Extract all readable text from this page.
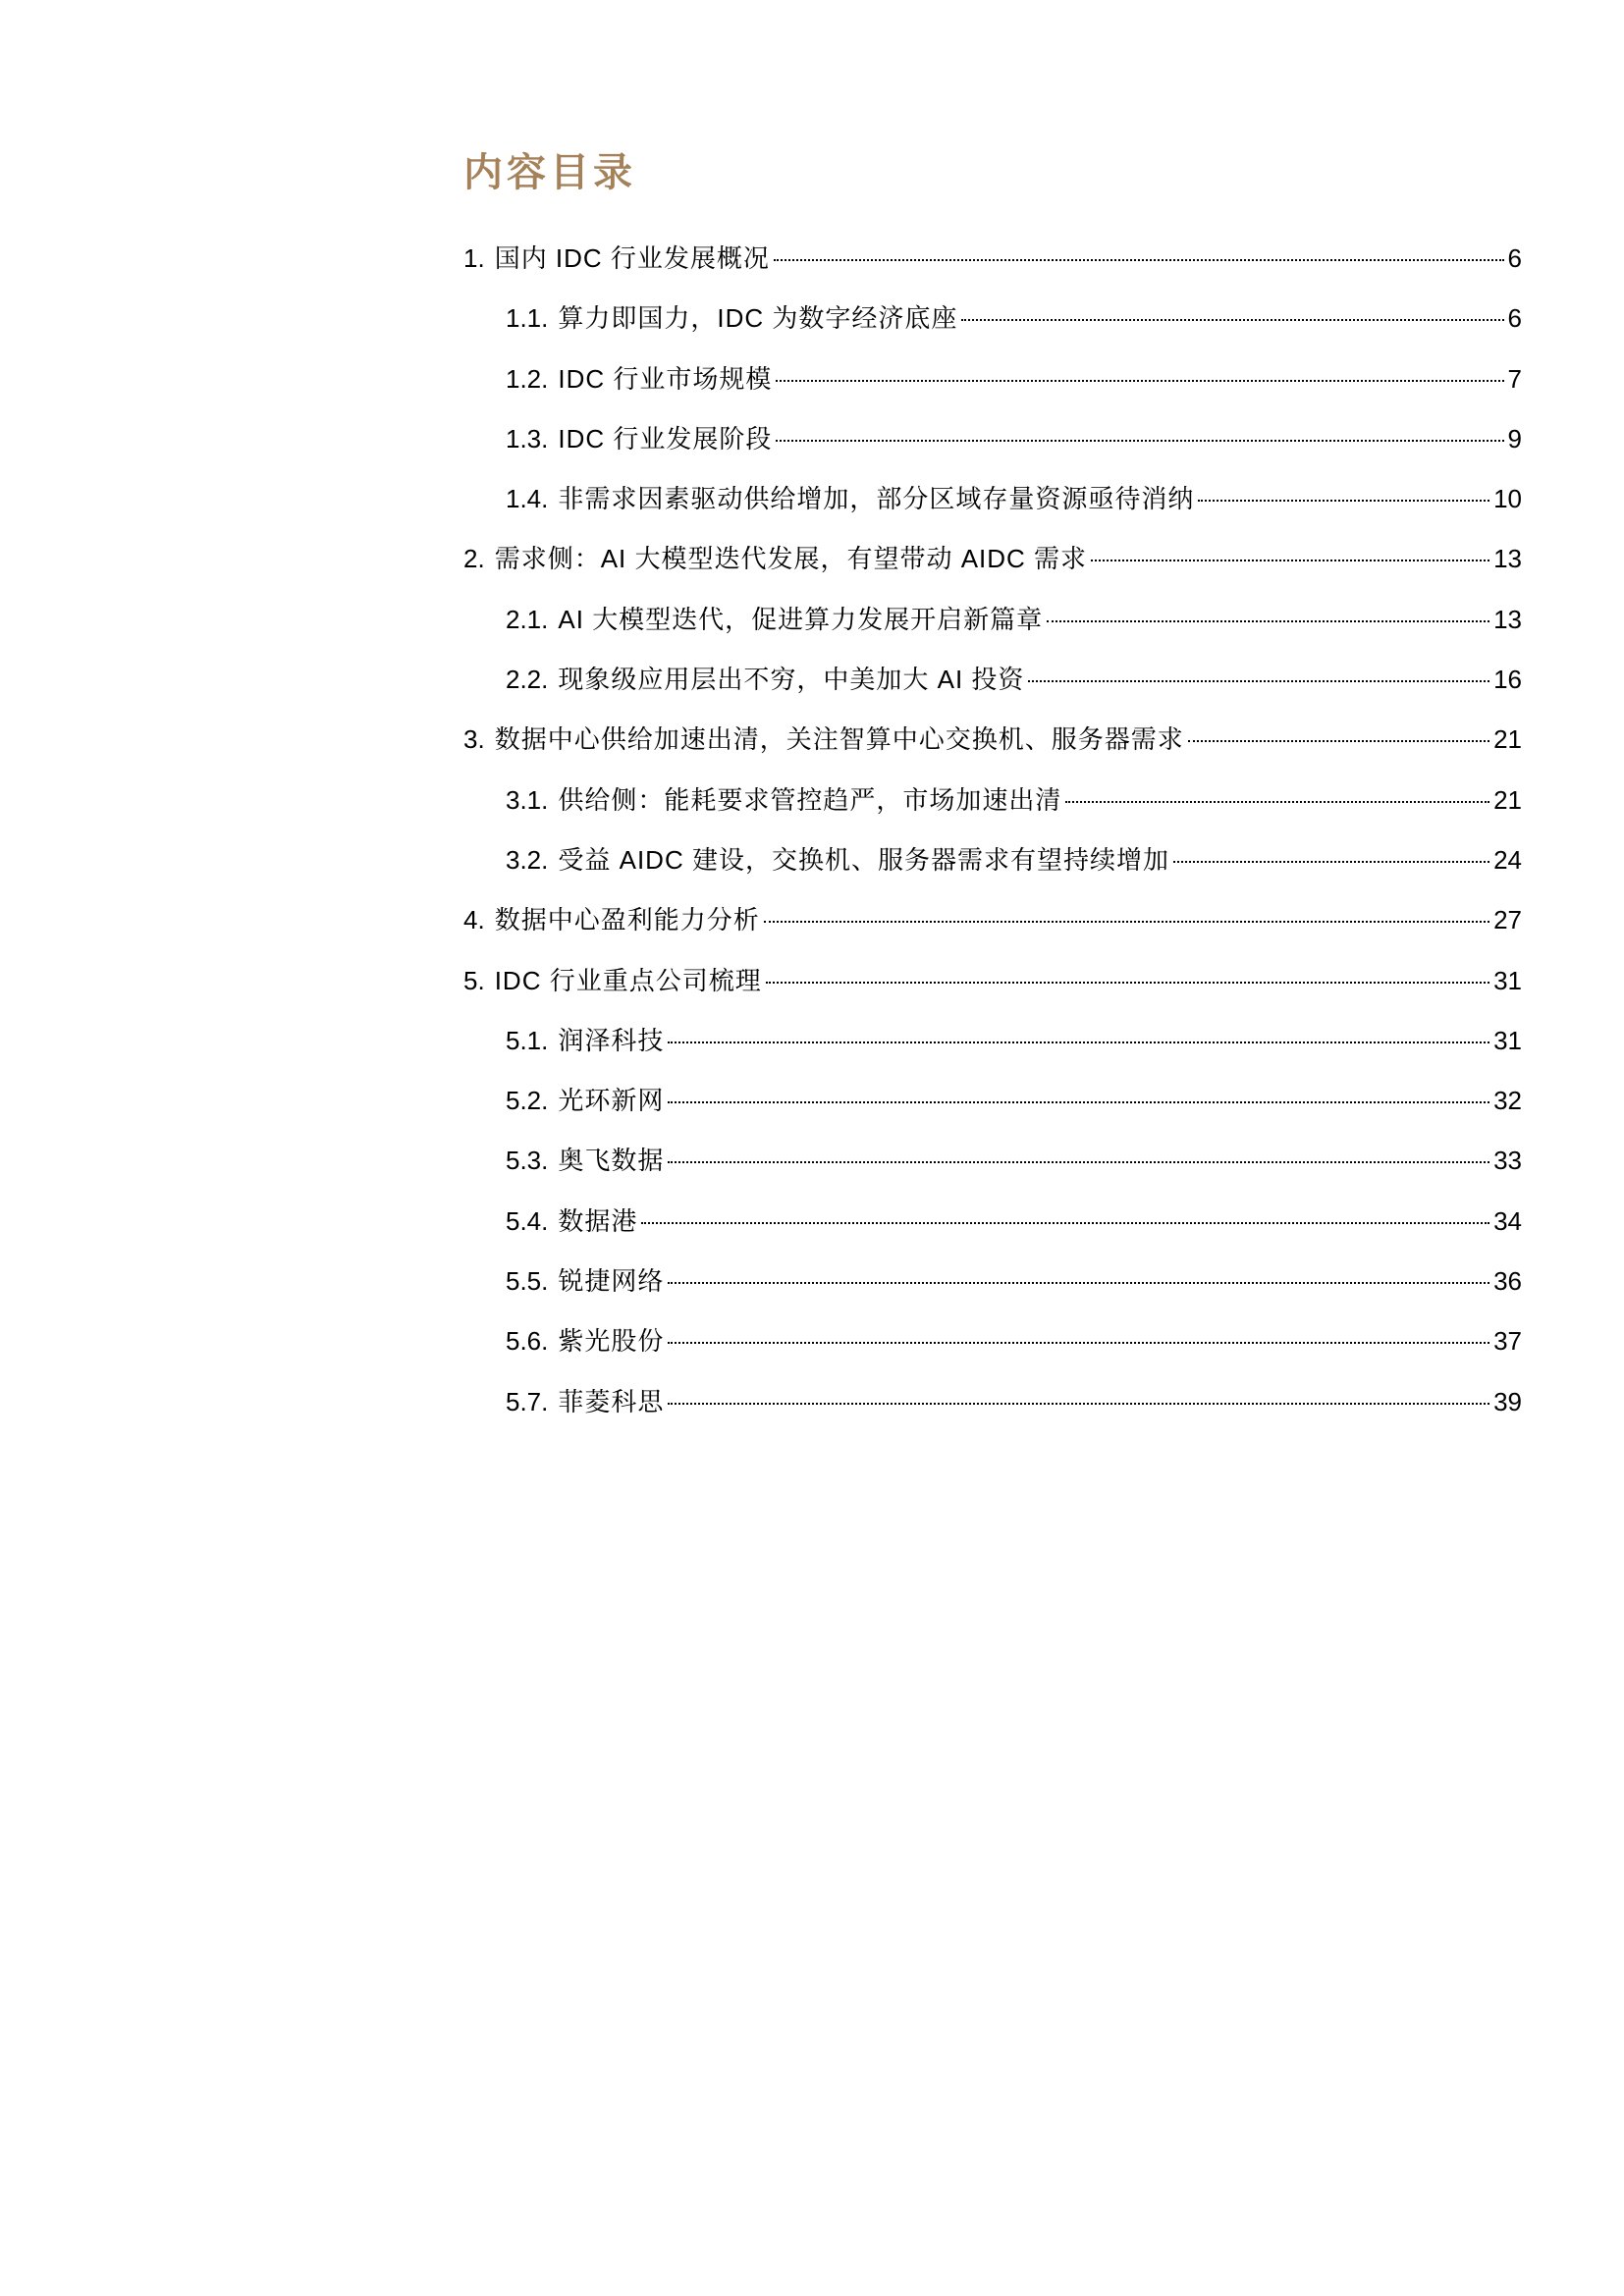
内容目录
1. 国内 IDC 行业发展概况	6
1.1. 算力即国力，IDC 为数字经济底座	6
1.2. IDC 行业市场规模	7
1.3. IDC 行业发展阶段	9
1.4. 非需求因素驱动供给增加，部分区域存量资源亟待消纳	10
2. 需求侧：AI 大模型迭代发展，有望带动 AIDC 需求	13
2.1. AI 大模型迭代，促进算力发展开启新篇章	13
2.2. 现象级应用层出不穷，中美加大 AI 投资	16
3. 数据中心供给加速出清，关注智算中心交换机、服务器需求	21
3.1. 供给侧：能耗要求管控趋严，市场加速出清	21
3.2. 受益 AIDC 建设，交换机、服务器需求有望持续增加	24
4. 数据中心盈利能力分析	27
5. IDC 行业重点公司梳理	31
5.1. 润泽科技	31
5.2. 光环新网	32
5.3. 奥飞数据	33
5.4. 数据港	34
5.5. 锐捷网络	36
5.6. 紫光股份	37
5.7. 菲菱科思	39
